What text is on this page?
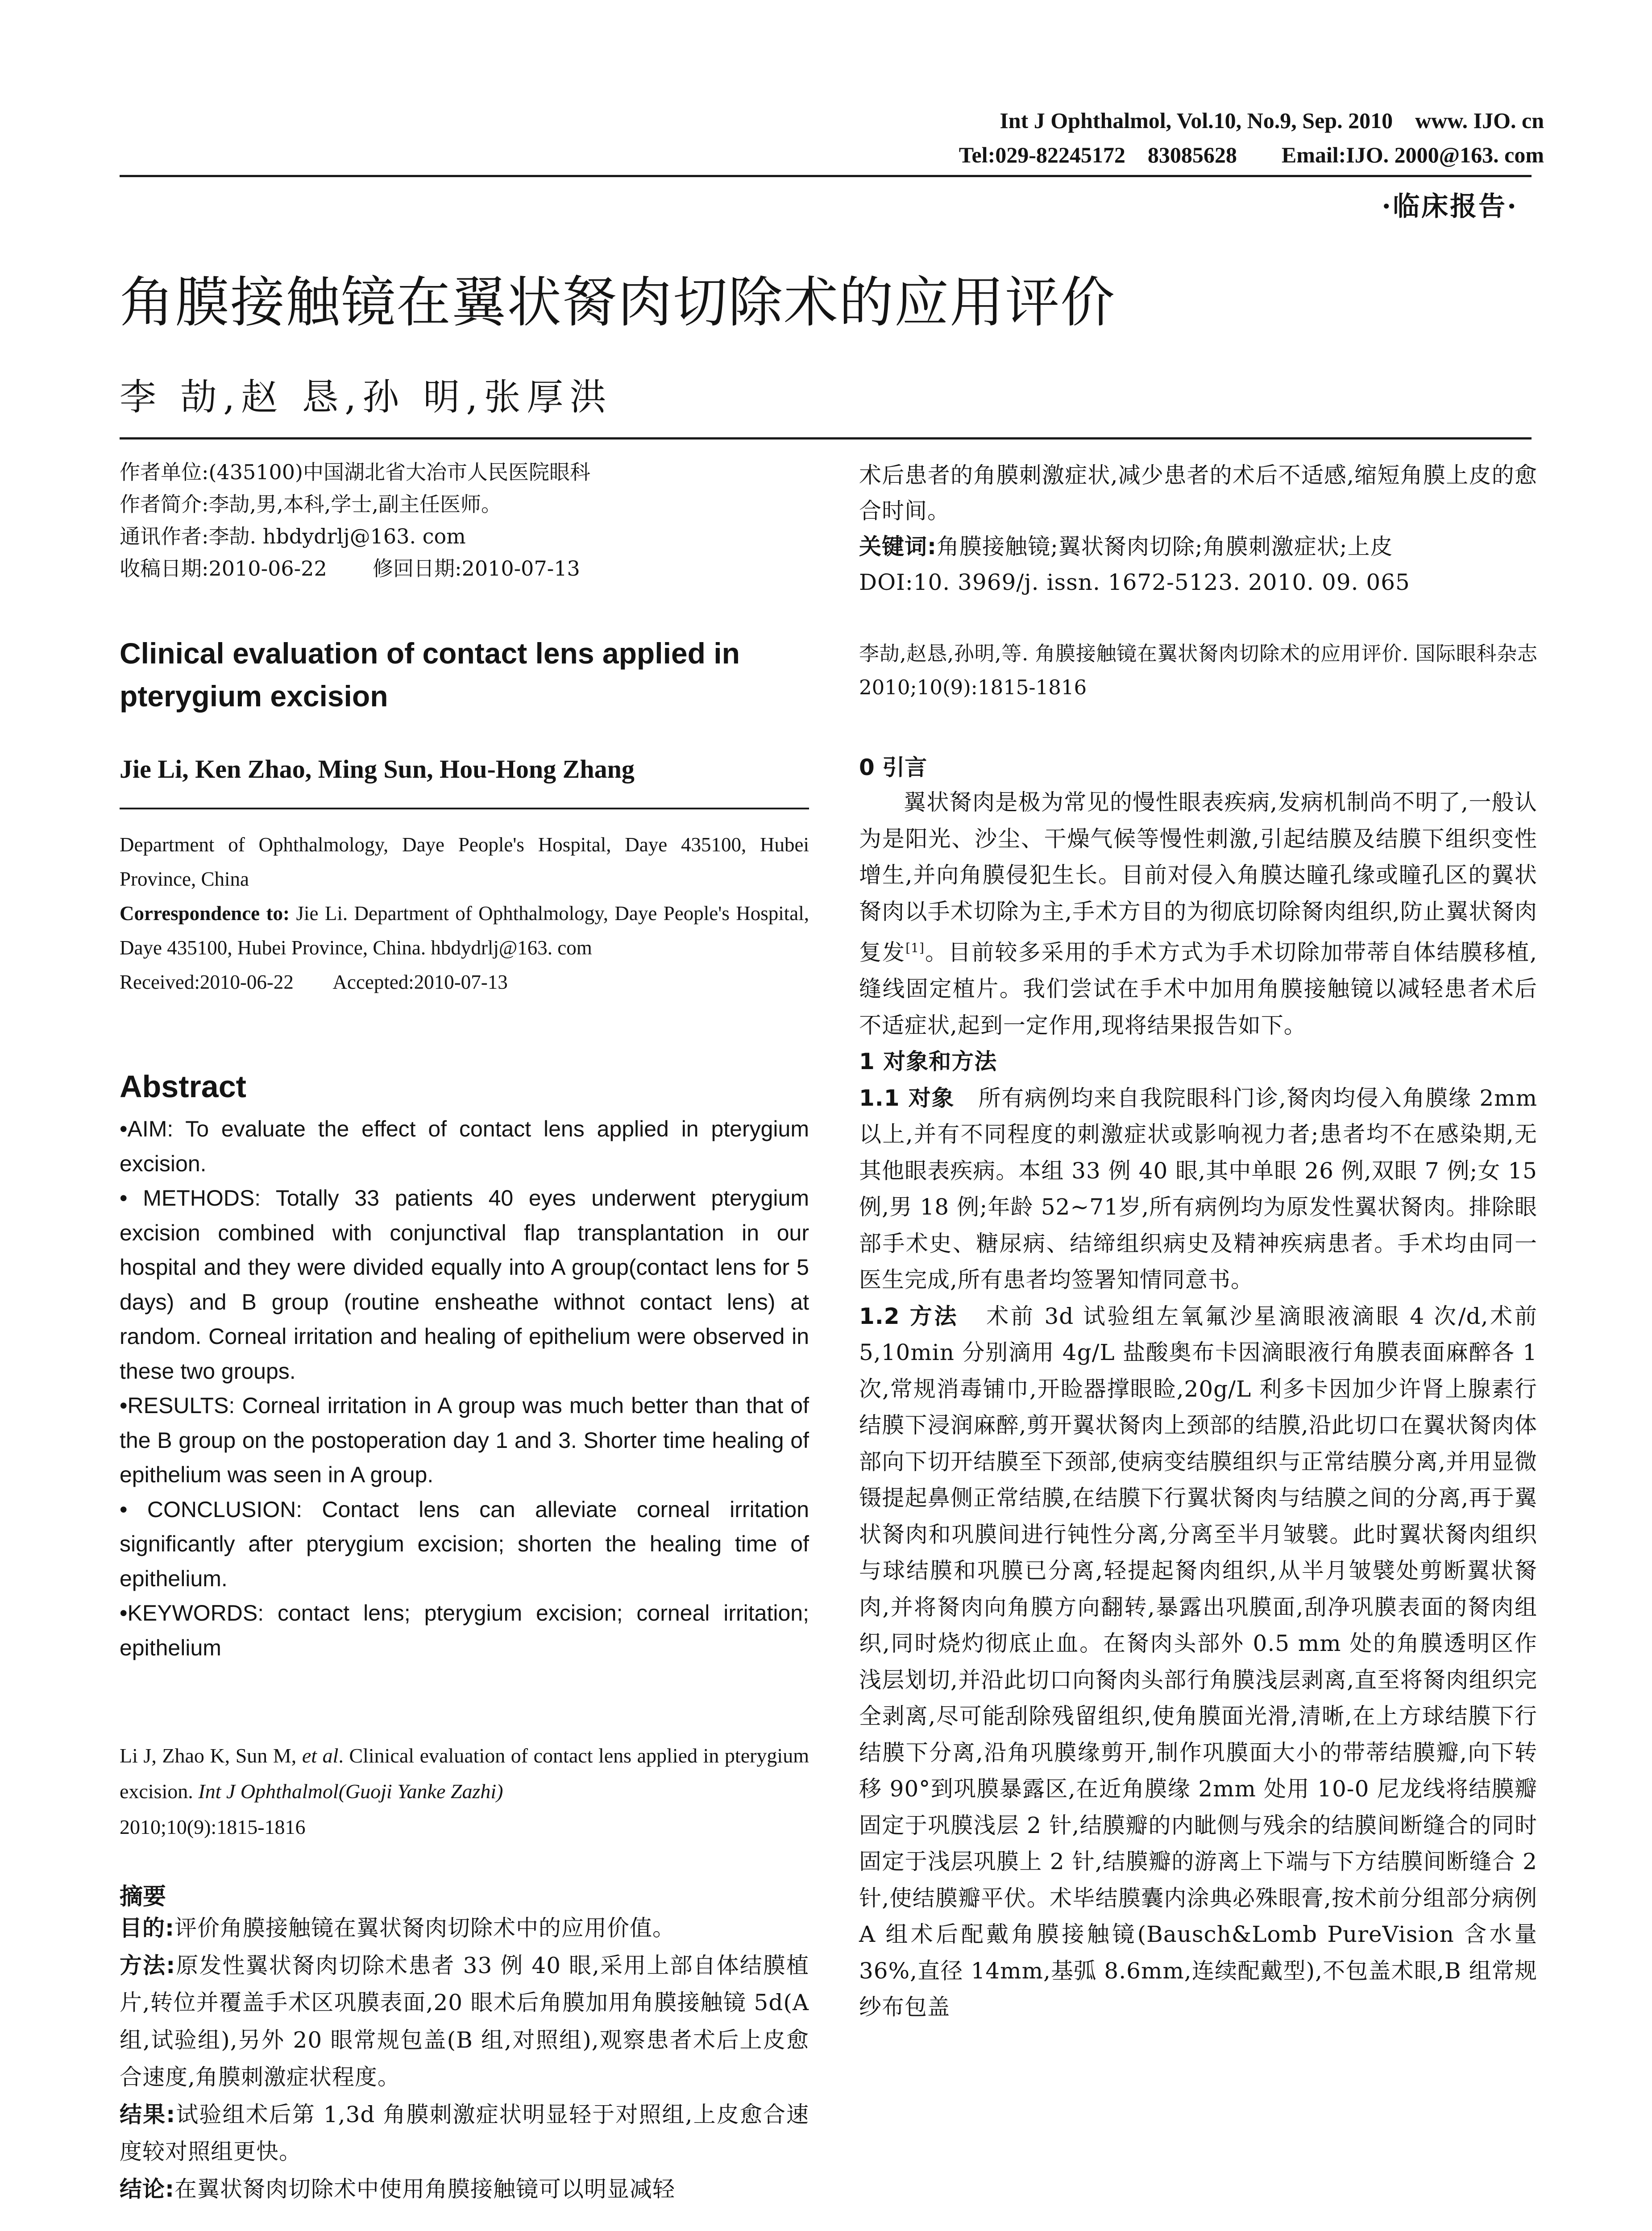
Int J Ophthalmol, Vol.10, No.9, Sep. 2010    www. IJO. cn
Tel:029-82245172    83085628        Email:IJO. 2000@163. com
·临床报告·
角膜接触镜在翼状胬肉切除术的应用评价
李 劼,赵 恳,孙 明,张厚洪
作者单位:(435100)中国湖北省大冶市人民医院眼科
作者简介:李劼,男,本科,学士,副主任医师。
通讯作者:李劼. hbdydrlj@163. com
收稿日期:2010-06-22       修回日期:2010-07-13
Clinical evaluation of contact lens applied in pterygium excision
Jie Li, Ken Zhao, Ming Sun, Hou-Hong Zhang

Department of Ophthalmology, Daye People's Hospital, Daye 435100, Hubei Province, China

Correspondence to: Jie Li. Department of Ophthalmology, Daye People's Hospital, Daye 435100, Hubei Province, China. hbdydrlj@163. com

Received:2010-06-22        Accepted:2010-07-13

Abstract

•AIM: To evaluate the effect of contact lens applied in pterygium excision.

• METHODS: Totally 33 patients 40 eyes underwent pterygium excision combined with conjunctival flap transplantation in our hospital and they were divided equally into A group(contact lens for 5 days) and B group (routine ensheathe withnot contact lens) at random. Corneal irritation and healing of epithelium were observed in these two groups.

•RESULTS: Corneal irritation in A group was much better than that of the B group on the postoperation day 1 and 3. Shorter time healing of epithelium was seen in A group.

• CONCLUSION: Contact lens can alleviate corneal irritation significantly after pterygium excision; shorten the healing time of epithelium.

•KEYWORDS: contact lens; pterygium excision; corneal irritation; epithelium

Li J, Zhao K, Sun M, et al. Clinical evaluation of contact lens applied in pterygium excision. Int J Ophthalmol(Guoji Yanke Zazhi)

2010;10(9):1815-1816

摘要

目的:评价角膜接触镜在翼状胬肉切除术中的应用价值。

方法:原发性翼状胬肉切除术患者 33 例 40 眼,采用上部自体结膜植片,转位并覆盖手术区巩膜表面,20 眼术后角膜加用角膜接触镜 5d(A 组,试验组),另外 20 眼常规包盖(B 组,对照组),观察患者术后上皮愈合速度,角膜刺激症状程度。

结果:试验组术后第 1,3d 角膜刺激症状明显轻于对照组,上皮愈合速度较对照组更快。

结论:在翼状胬肉切除术中使用角膜接触镜可以明显减轻

术后患者的角膜刺激症状,减少患者的术后不适感,缩短角膜上皮的愈合时间。

关键词:角膜接触镜;翼状胬肉切除;角膜刺激症状;上皮

DOI:10. 3969/j. issn. 1672-5123. 2010. 09. 065

李劼,赵恳,孙明,等. 角膜接触镜在翼状胬肉切除术的应用评价. 国际眼科杂志 2010;10(9):1815-1816

0 引言

翼状胬肉是极为常见的慢性眼表疾病,发病机制尚不明了,一般认为是阳光、沙尘、干燥气候等慢性刺激,引起结膜及结膜下组织变性增生,并向角膜侵犯生长。目前对侵入角膜达瞳孔缘或瞳孔区的翼状胬肉以手术切除为主,手术方目的为彻底切除胬肉组织,防止翼状胬肉复发[1]。目前较多采用的手术方式为手术切除加带蒂自体结膜移植,缝线固定植片。我们尝试在手术中加用角膜接触镜以减轻患者术后不适症状,起到一定作用,现将结果报告如下。

1 对象和方法

1.1 对象 所有病例均来自我院眼科门诊,胬肉均侵入角膜缘 2mm 以上,并有不同程度的刺激症状或影响视力者;患者均不在感染期,无其他眼表疾病。本组 33 例 40 眼,其中单眼 26 例,双眼 7 例;女 15 例,男 18 例;年龄 52~71岁,所有病例均为原发性翼状胬肉。排除眼部手术史、糖尿病、结缔组织病史及精神疾病患者。手术均由同一医生完成,所有患者均签署知情同意书。

1.2 方法 术前 3d 试验组左氧氟沙星滴眼液滴眼 4 次/d,术前 5,10min 分别滴用 4g/L 盐酸奥布卡因滴眼液行角膜表面麻醉各 1 次,常规消毒铺巾,开睑器撑眼睑,20g/L 利多卡因加少许肾上腺素行结膜下浸润麻醉,剪开翼状胬肉上颈部的结膜,沿此切口在翼状胬肉体部向下切开结膜至下颈部,使病变结膜组织与正常结膜分离,并用显微镊提起鼻侧正常结膜,在结膜下行翼状胬肉与结膜之间的分离,再于翼状胬肉和巩膜间进行钝性分离,分离至半月皱襞。此时翼状胬肉组织与球结膜和巩膜已分离,轻提起胬肉组织,从半月皱襞处剪断翼状胬肉,并将胬肉向角膜方向翻转,暴露出巩膜面,刮净巩膜表面的胬肉组织,同时烧灼彻底止血。在胬肉头部外 0.5 mm 处的角膜透明区作浅层划切,并沿此切口向胬肉头部行角膜浅层剥离,直至将胬肉组织完全剥离,尽可能刮除残留组织,使角膜面光滑,清晰,在上方球结膜下行结膜下分离,沿角巩膜缘剪开,制作巩膜面大小的带蒂结膜瓣,向下转移 90°到巩膜暴露区,在近角膜缘 2mm 处用 10-0 尼龙线将结膜瓣固定于巩膜浅层 2 针,结膜瓣的内眦侧与残余的结膜间断缝合的同时固定于浅层巩膜上 2 针,结膜瓣的游离上下端与下方结膜间断缝合 2 针,使结膜瓣平伏。术毕结膜囊内涂典必殊眼膏,按术前分组部分病例 A 组术后配戴角膜接触镜(Bausch&Lomb PureVision 含水量 36%,直径 14mm,基弧 8.6mm,连续配戴型),不包盖术眼,B 组常规纱布包盖
